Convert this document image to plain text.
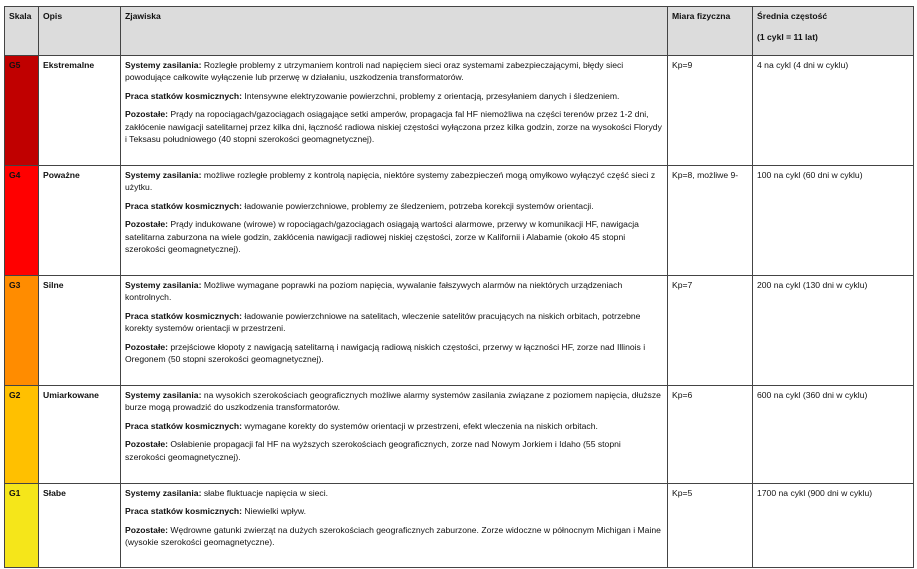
Skala	Opis	Zjawiska	Miara fizyczna	Średnia częstość
(1 cykl = 11 lat)

G5	Ekstremalne	Systemy zasilania: Rozległe problemy z utrzymaniem kontroli nad napięciem sieci oraz systemami zabezpieczającymi, błędy sieci powodujące całkowite wyłączenie lub przerwę w działaniu, uszkodzenia transformatorów.
Praca statków kosmicznych: Intensywne elektryzowanie powierzchni, problemy z orientacją, przesyłaniem danych i śledzeniem.
Pozostałe: Prądy na ropociągach/gazociągach osiągające setki amperów, propagacja fal HF niemożliwa na części terenów przez 1-2 dni, zakłócenie nawigacji satelitarnej przez kilka dni, łączność radiowa niskiej częstości wyłączona przez kilka godzin, zorze na wysokości Florydy i Teksasu południowego (40 stopni szerokości geomagnetycznej).	Kp=9	4 na cykl (4 dni w cyklu)
G4	Poważne	Systemy zasilania: możliwe rozległe problemy z kontrolą napięcia, niektóre systemy zabezpieczeń mogą omyłkowo wyłączyć część sieci z użytku.
Praca statków kosmicznych: ładowanie powierzchniowe, problemy ze śledzeniem, potrzeba korekcji systemów orientacji.
Pozostałe: Prądy indukowane (wirowe) w ropociągach/gazociągach osiągają wartości alarmowe, przerwy w komunikacji HF, nawigacja satelitarna zaburzona na wiele godzin, zakłócenia nawigacji radiowej niskiej częstości, zorze w Kalifornii i Alabamie (około 45 stopni szerokości geomagnetycznej).	Kp=8, możliwe 9-	100 na cykl (60 dni w cyklu)
G3	Silne	Systemy zasilania: Możliwe wymagane poprawki na poziom napięcia, wywalanie fałszywych alarmów na niektórych urządzeniach kontrolnych.
Praca statków kosmicznych: ładowanie powierzchniowe na satelitach, wleczenie satelitów pracujących na niskich orbitach, potrzebne korekty systemów orientacji w przestrzeni.
Pozostałe: przejściowe kłopoty z nawigacją satelitarną i nawigacją radiową niskich częstości, przerwy w łączności HF, zorze nad Illinois i Oregonem (50 stopni szerokości geomagnetycznej).	Kp=7	200 na cykl (130 dni w cyklu)
G2	Umiarkowane	Systemy zasilania: na wysokich szerokościach geograficznych możliwe alarmy systemów zasilania związane z poziomem napięcia, dłuższe burze mogą prowadzić do uszkodzenia transformatorów.
Praca statków kosmicznych: wymagane korekty do systemów orientacji w przestrzeni, efekt wleczenia na niskich orbitach.
Pozostałe: Osłabienie propagacji fal HF na wyższych szerokościach geograficznych, zorze nad Nowym Jorkiem i Idaho (55 stopni szerokości geomagnetycznej).	Kp=6	600 na cykl (360 dni w cyklu)
G1	Słabe	Systemy zasilania: słabe fluktuacje napięcia w sieci.
Praca statków kosmicznych: Niewielki wpływ.
Pozostałe: Wędrowne gatunki zwierząt na dużych szerokościach geograficznych zaburzone. Zorze widoczne w północnym Michigan i Maine (wysokie szerokości geomagnetyczne).	Kp=5	1700 na cykl (900 dni w cyklu)
